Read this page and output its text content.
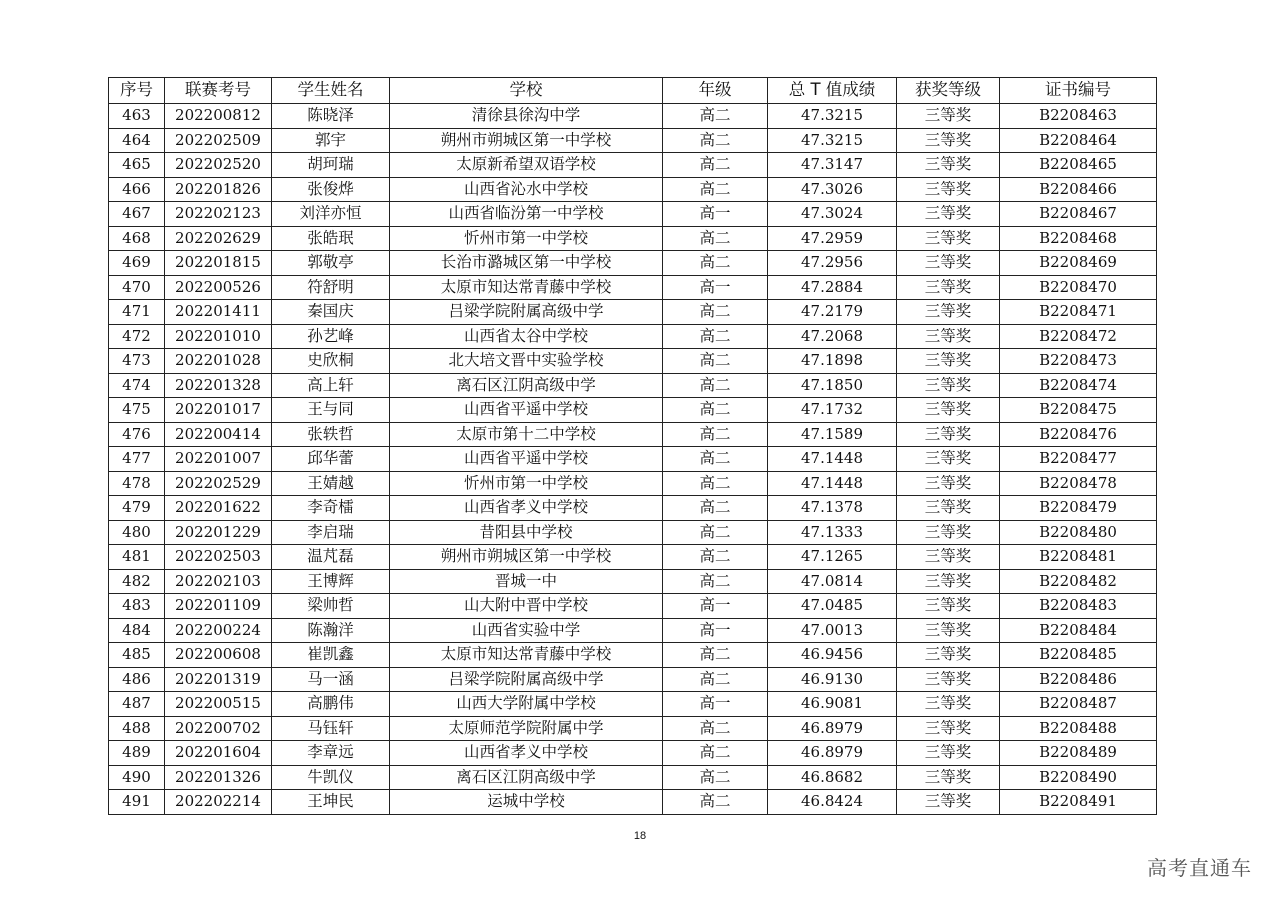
序号	联赛考号	学生姓名	学校	年级	总 T 值成绩	获奖等级	证书编号
463	202200812	陈晓泽	清徐县徐沟中学	高二	47.3215	三等奖	B2208463
464	202202509	郭宇	朔州市朔城区第一中学校	高二	47.3215	三等奖	B2208464
465	202202520	胡珂瑞	太原新希望双语学校	高二	47.3147	三等奖	B2208465
466	202201826	张俊烨	山西省沁水中学校	高二	47.3026	三等奖	B2208466
467	202202123	刘洋亦恒	山西省临汾第一中学校	高一	47.3024	三等奖	B2208467
468	202202629	张皓珉	忻州市第一中学校	高二	47.2959	三等奖	B2208468
469	202201815	郭敬亭	长治市潞城区第一中学校	高二	47.2956	三等奖	B2208469
470	202200526	符舒明	太原市知达常青藤中学校	高一	47.2884	三等奖	B2208470
471	202201411	秦国庆	吕梁学院附属高级中学	高二	47.2179	三等奖	B2208471
472	202201010	孙艺峰	山西省太谷中学校	高二	47.2068	三等奖	B2208472
473	202201028	史欣桐	北大培文晋中实验学校	高二	47.1898	三等奖	B2208473
474	202201328	高上轩	离石区江阴高级中学	高二	47.1850	三等奖	B2208474
475	202201017	王与同	山西省平遥中学校	高二	47.1732	三等奖	B2208475
476	202200414	张轶哲	太原市第十二中学校	高二	47.1589	三等奖	B2208476
477	202201007	邱华蕾	山西省平遥中学校	高二	47.1448	三等奖	B2208477
478	202202529	王婧越	忻州市第一中学校	高二	47.1448	三等奖	B2208478
479	202201622	李奇檑	山西省孝义中学校	高二	47.1378	三等奖	B2208479
480	202201229	李启瑞	昔阳县中学校	高二	47.1333	三等奖	B2208480
481	202202503	温芃磊	朔州市朔城区第一中学校	高二	47.1265	三等奖	B2208481
482	202202103	王博辉	晋城一中	高二	47.0814	三等奖	B2208482
483	202201109	梁帅哲	山大附中晋中学校	高一	47.0485	三等奖	B2208483
484	202200224	陈瀚洋	山西省实验中学	高一	47.0013	三等奖	B2208484
485	202200608	崔凯鑫	太原市知达常青藤中学校	高二	46.9456	三等奖	B2208485
486	202201319	马一涵	吕梁学院附属高级中学	高二	46.9130	三等奖	B2208486
487	202200515	高鹏伟	山西大学附属中学校	高一	46.9081	三等奖	B2208487
488	202200702	马钰轩	太原师范学院附属中学	高二	46.8979	三等奖	B2208488
489	202201604	李章远	山西省孝义中学校	高二	46.8979	三等奖	B2208489
490	202201326	牛凯仪	离石区江阴高级中学	高二	46.8682	三等奖	B2208490
491	202202214	王坤民	运城中学校	高二	46.8424	三等奖	B2208491
18
高考直通车
